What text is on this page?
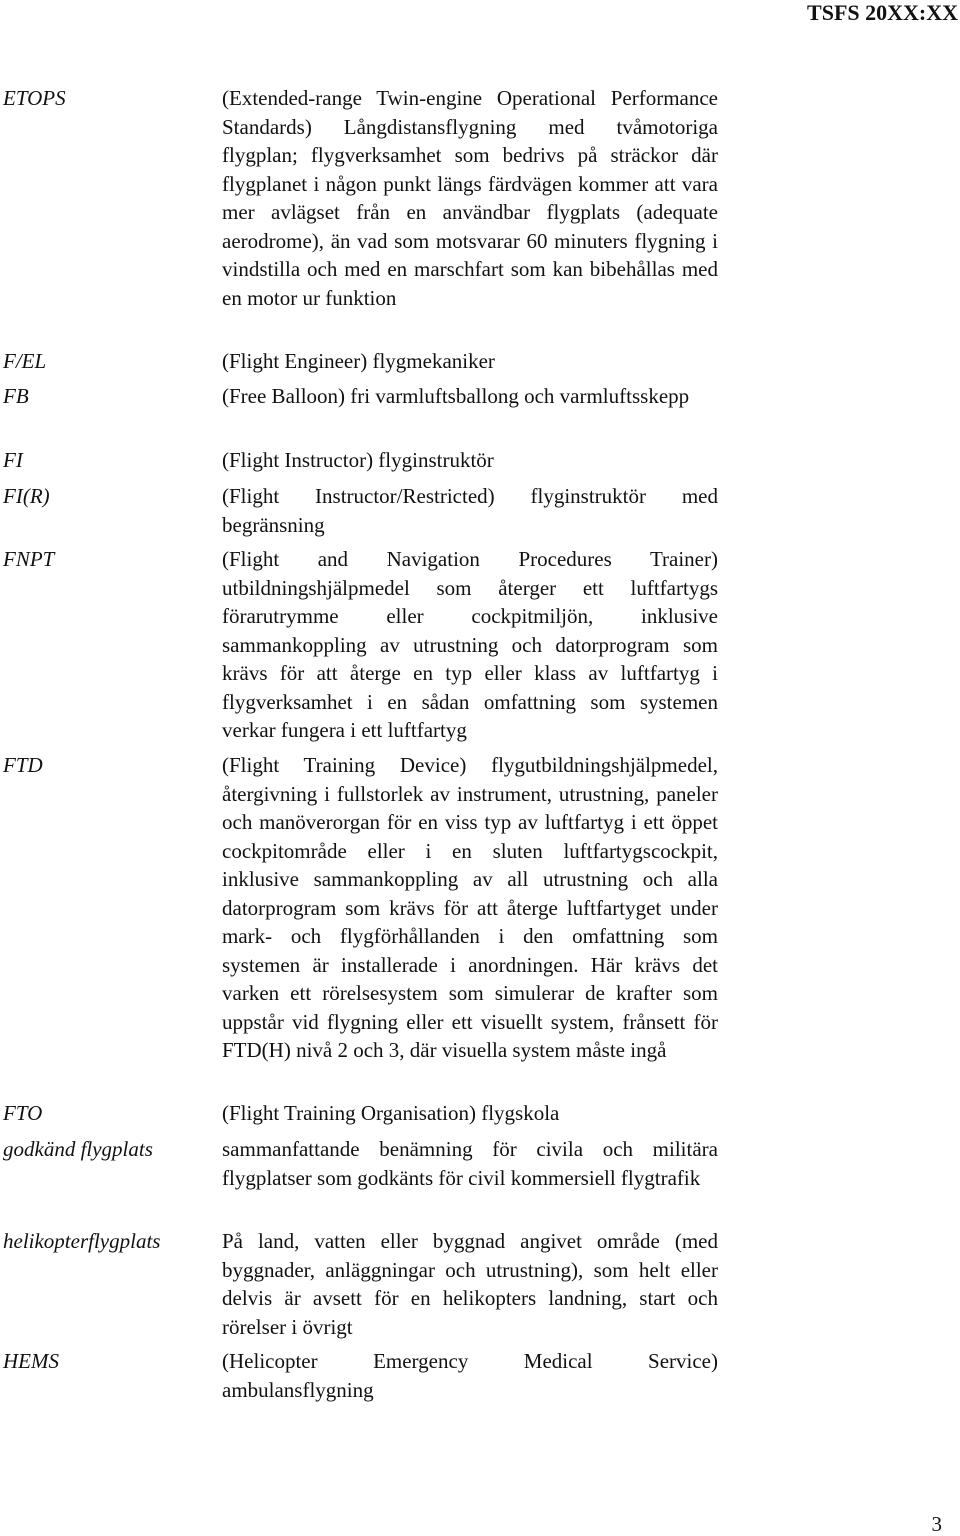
TSFS 20XX:XX
ETOPS	(Extended-range Twin-engine Operational Performance Standards) Långdistansflygning med tvåmotoriga flygplan; flygverksamhet som bedrivs på sträckor där flygplanet i någon punkt längs färdvägen kommer att vara mer avlägset från en användbar flygplats (adequate aerodrome), än vad som motsvarar 60 minuters flygning i vindstilla och med en marschfart som kan bibehållas med en motor ur funktion
F/EL	(Flight Engineer) flygmekaniker
FB	(Free Balloon) fri varmluftsballong och varmluftsskepp
FI	(Flight Instructor) flyginstruktör
FI(R)	(Flight Instructor/Restricted) flyginstruktör med begränsning
FNPT	(Flight and Navigation Procedures Trainer) utbildningshjälpmedel som återger ett luftfartygs förarutrymme eller cockpitmiljön, inklusive sammankoppling av utrustning och datorprogram som krävs för att återge en typ eller klass av luftfartyg i flygverksamhet i en sådan omfattning som systemen verkar fungera i ett luftfartyg
FTD	(Flight Training Device) flygutbildningshjälpmedel, återgivning i fullstorlek av instrument, utrustning, paneler och manöverorgan för en viss typ av luftfartyg i ett öppet cockpitområde eller i en sluten luftfartygscockpit, inklusive sammankoppling av all utrustning och alla datorprogram som krävs för att återge luftfartyget under mark- och flygförhållanden i den omfattning som systemen är installerade i anordningen. Här krävs det varken ett rörelsesystem som simulerar de krafter som uppstår vid flygning eller ett visuellt system, frånsett för FTD(H) nivå 2 och 3, där visuella system måste ingå
FTO	(Flight Training Organisation) flygskola
godkänd flygplats	sammanfattande benämning för civila och militära flygplatser som godkänts för civil kommersiell flygtrafik
helikopterflygplats	På land, vatten eller byggnad angivet område (med byggnader, anläggningar och utrustning), som helt eller delvis är avsett för en helikopters landning, start och rörelser i övrigt
HEMS	(Helicopter Emergency Medical Service) ambulansflygning
3
